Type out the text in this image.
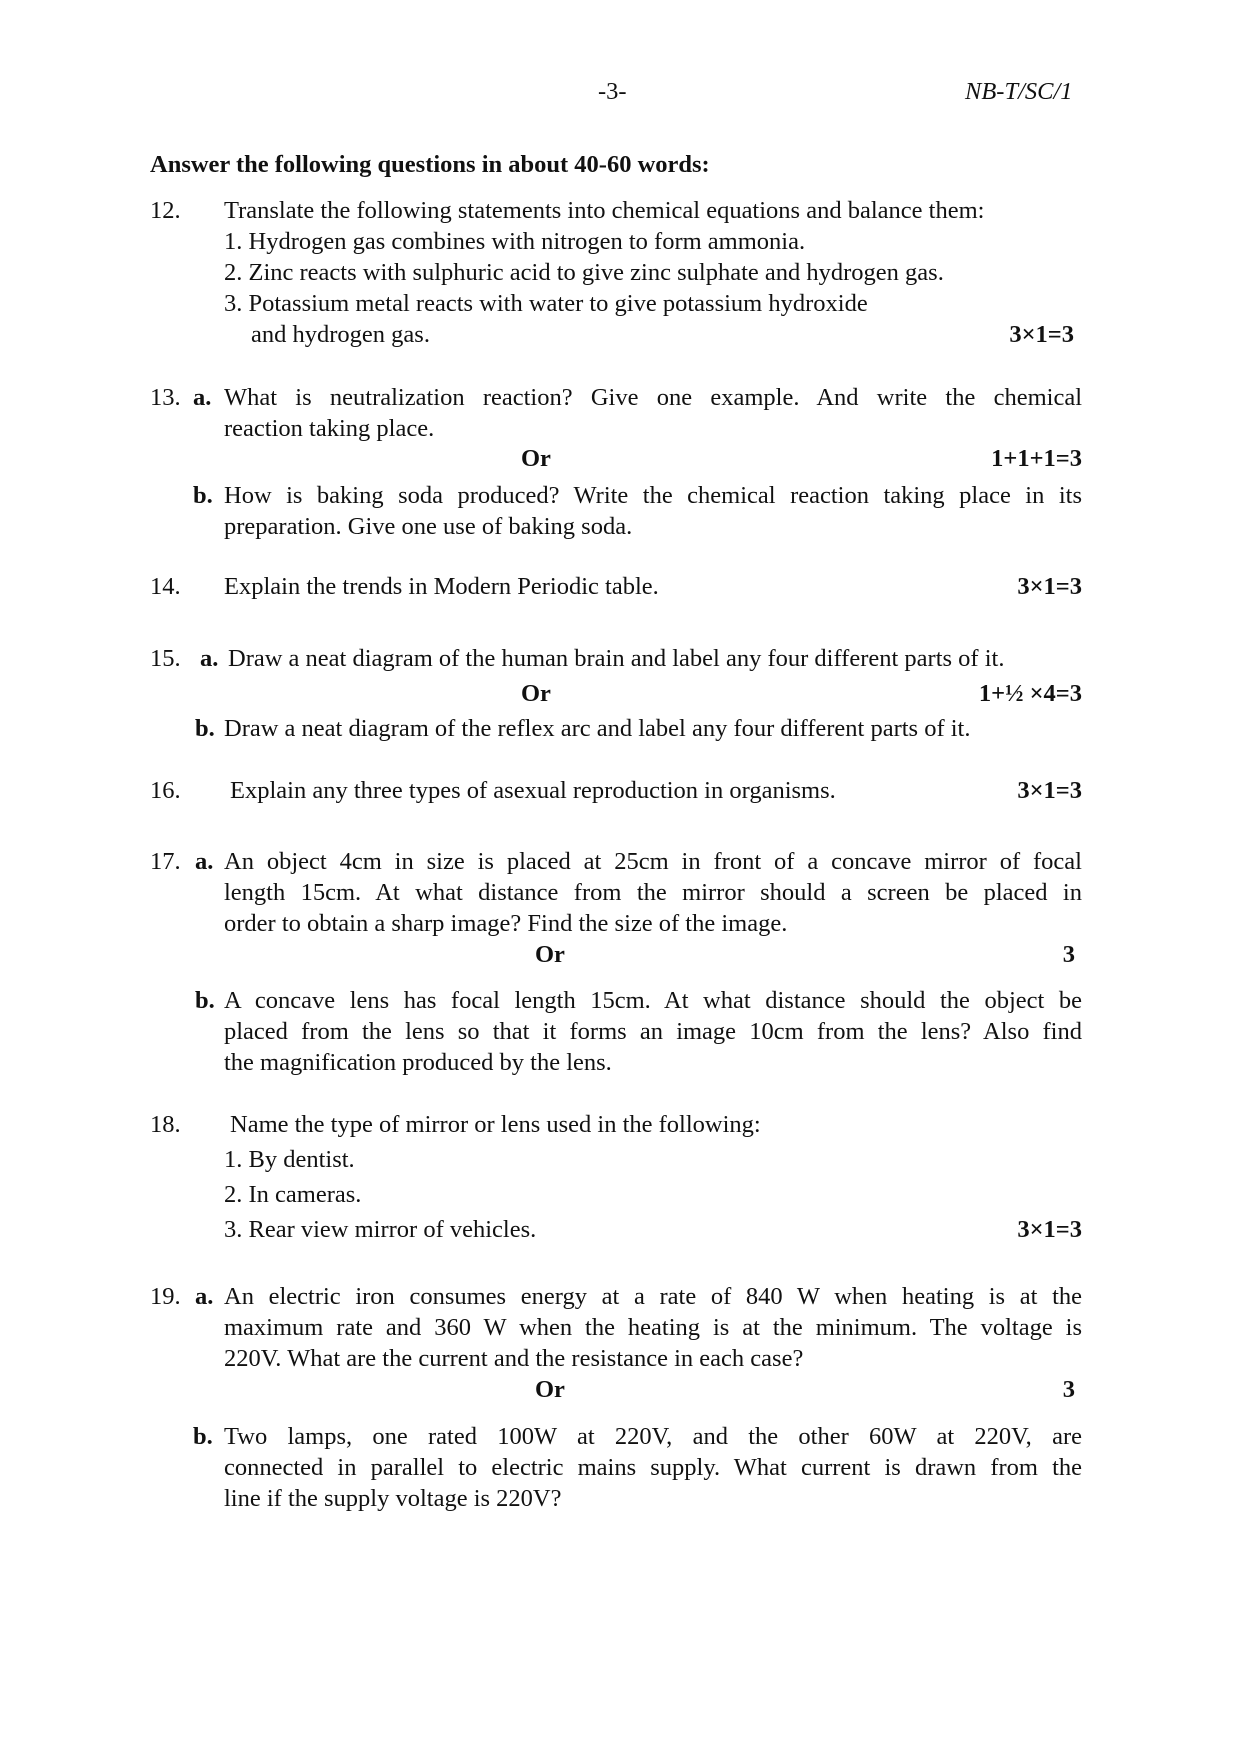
-3-	NB-T/SC/1
Answer the following questions in about 40-60 words:
12. Translate the following statements into chemical equations and balance them:
1. Hydrogen gas combines with nitrogen to form ammonia.
2. Zinc reacts with sulphuric acid to give zinc sulphate and hydrogen gas.
3. Potassium metal reacts with water to give potassium hydroxide
and hydrogen gas.	3×1=3
13. a. What is neutralization reaction? Give one example. And write the chemical
reaction taking place.
Or	1+1+1=3
b. How is baking soda produced? Write the chemical reaction taking place in its
preparation. Give one use of baking soda.
14. Explain the trends in Modern Periodic table.	3×1=3
15. a. Draw a neat diagram of the human brain and label any four different parts of it.
Or	1+½ ×4=3
b. Draw a neat diagram of the reflex arc and label any four different parts of it.
16. Explain any three types of asexual reproduction in organisms.	3×1=3
17. a. An object 4cm in size is placed at 25cm in front of a concave mirror of focal
length 15cm. At what distance from the mirror should a screen be placed in
order to obtain a sharp image? Find the size of the image.
Or	3
b. A concave lens has focal length 15cm. At what distance should the object be
placed from the lens so that it forms an image 10cm from the lens? Also find
the magnification produced by the lens.
18. Name the type of mirror or lens used in the following:
1. By dentist.
2. In cameras.
3. Rear view mirror of vehicles.	3×1=3
19. a. An electric iron consumes energy at a rate of 840 W when heating is at the
maximum rate and 360 W when the heating is at the minimum. The voltage is
220V. What are the current and the resistance in each case?
Or	3
b. Two lamps, one rated 100W at 220V, and the other 60W at 220V, are
connected in parallel to electric mains supply. What current is drawn from the
line if the supply voltage is 220V?
